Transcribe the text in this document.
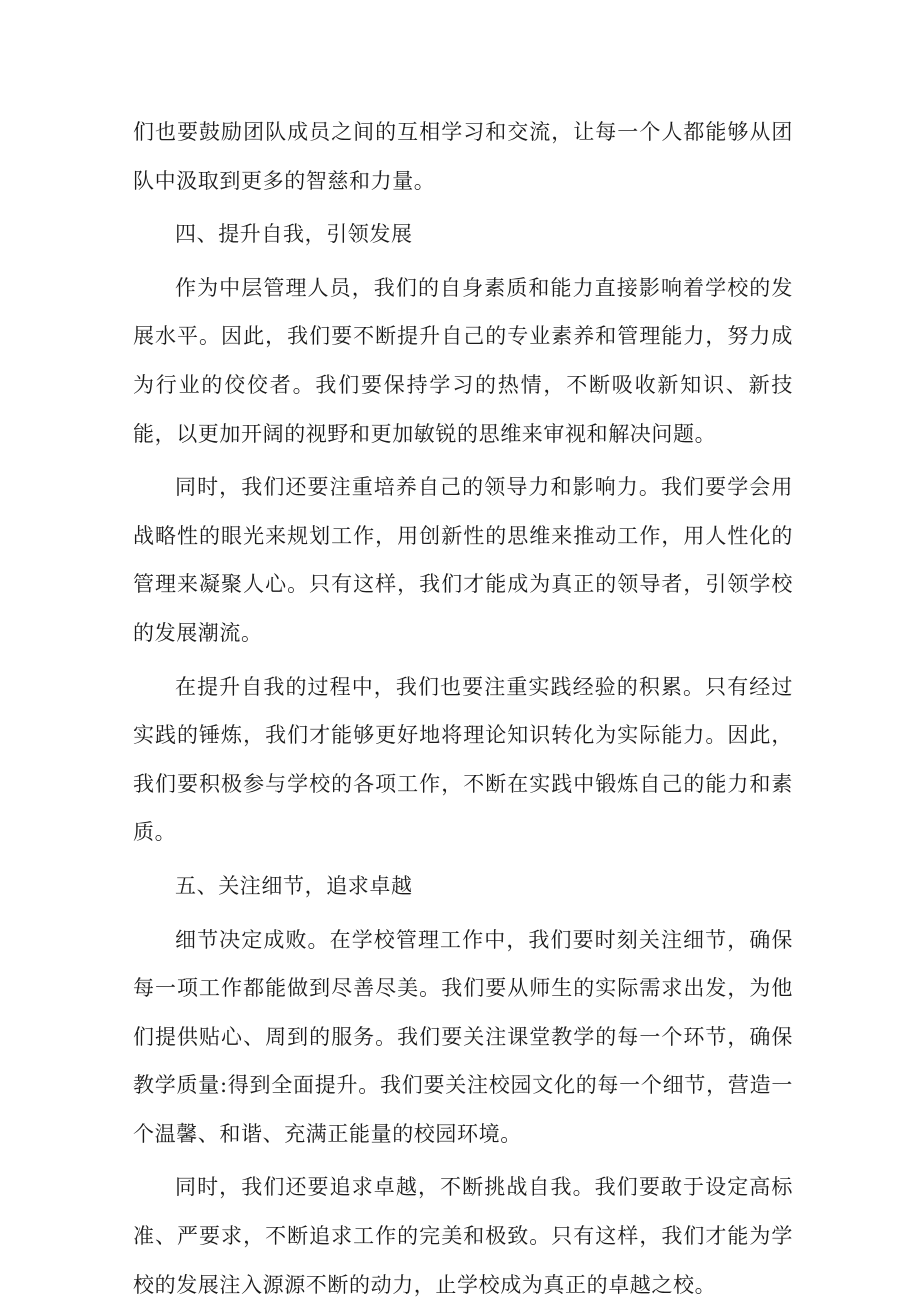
们也要鼓励团队成员之间的互相学习和交流，让每一个人都能够从团队中汲取到更多的智慈和力量。

四、提升自我，引领发展

作为中层管理人员，我们的自身素质和能力直接影响着学校的发展水平。因此，我们要不断提升自己的专业素养和管理能力，努力成为行业的佼佼者。我们要保持学习的热情，不断吸收新知识、新技能，以更加开阔的视野和更加敏锐的思维来审视和解决问题。

同时，我们还要注重培养自己的领导力和影响力。我们要学会用战略性的眼光来规划工作，用创新性的思维来推动工作，用人性化的管理来凝聚人心。只有这样，我们才能成为真正的领导者，引领学校的发展潮流。

在提升自我的过程中，我们也要注重实践经验的积累。只有经过实践的锤炼，我们才能够更好地将理论知识转化为实际能力。因此，我们要积极参与学校的各项工作，不断在实践中锻炼自己的能力和素质。

五、关注细节，追求卓越

细节决定成败。在学校管理工作中，我们要时刻关注细节，确保每一项工作都能做到尽善尽美。我们要从师生的实际需求出发，为他们提供贴心、周到的服务。我们要关注课堂教学的每一个环节，确保教学质量:得到全面提升。我们要关注校园文化的每一个细节，营造一个温馨、和谐、充满正能量的校园环境。

同时，我们还要追求卓越，不断挑战自我。我们要敢于设定高标准、严要求，不断追求工作的完美和极致。只有这样，我们才能为学校的发展注入源源不断的动力，止学校成为真正的卓越之校。
